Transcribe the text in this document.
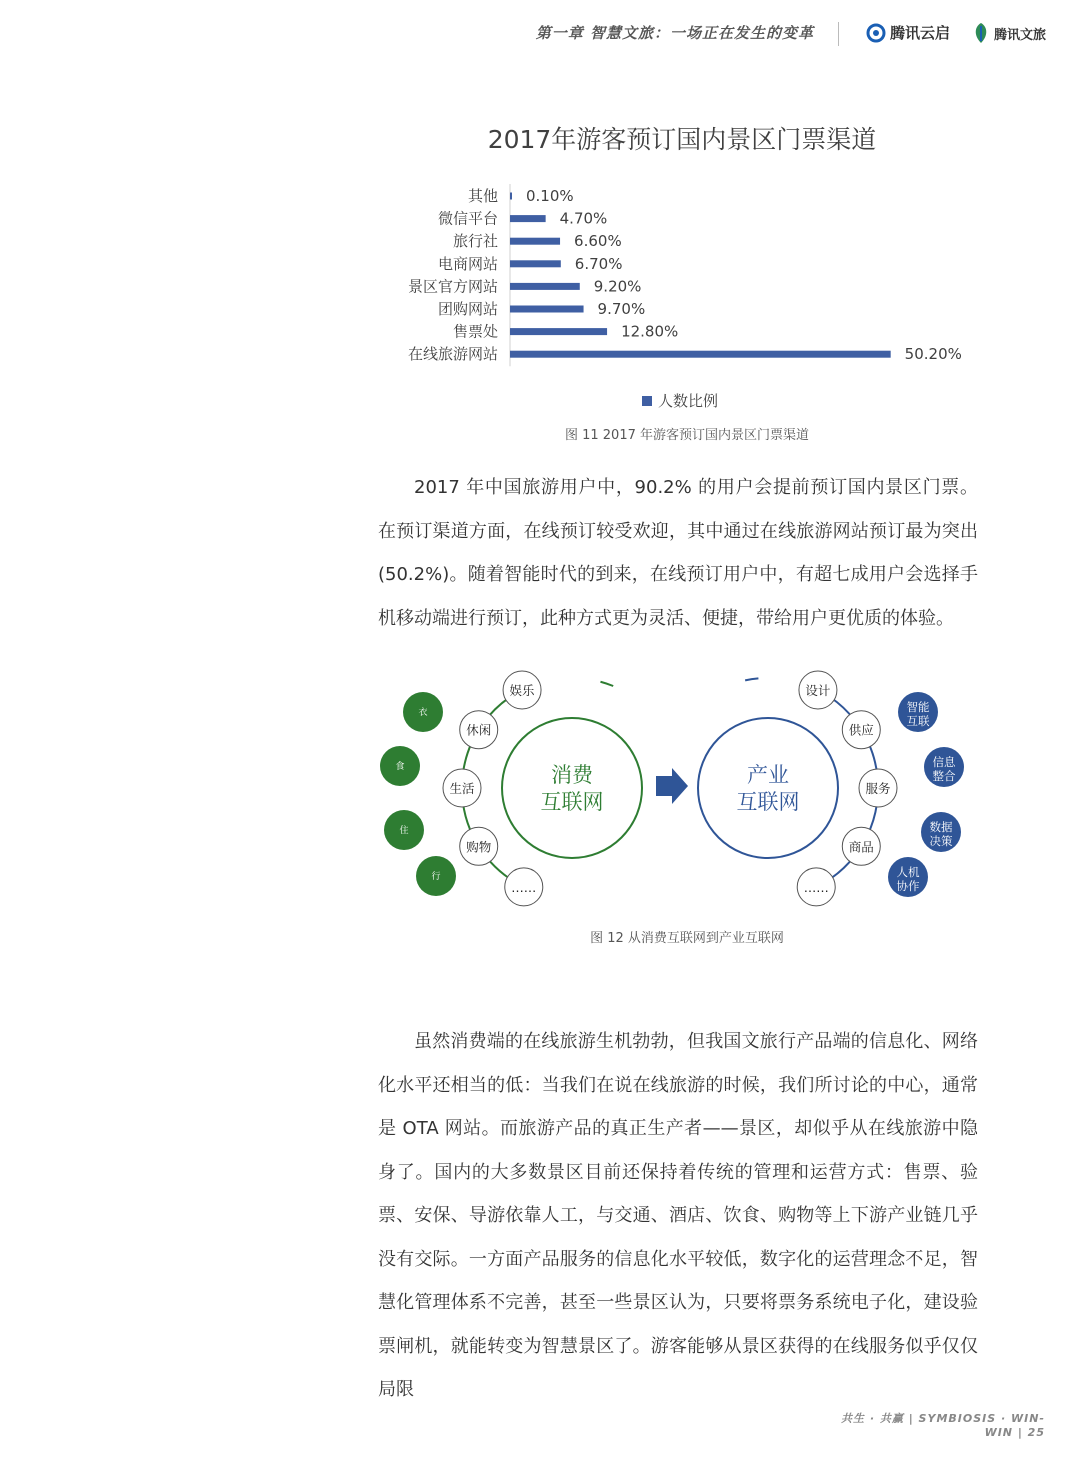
第一章 智慧文旅：一场正在发生的变革	腾讯云启	腾讯文旅
2017年游客预订国内景区门票渠道
其他 0.10%
微信平台	4.70%
旅行社	6.60%
电商网站	6.70%
景区官方网站	9.20%
团购网站	9.70%
售票处	12.80%
在线旅游网站	50.20%
人数比例
图 11 2017 年游客预订国内景区门票渠道

2017 年中国旅游用户中，90.2% 的用户会提前预订国内景区门票。在预订渠道方面，在线预订较受欢迎，其中通过在线旅游网站预订最为突出 (50.2%)。随着智能时代的到来，在线预订用户中，有超七成用户会选择手机移动端进行预订，此种方式更为灵活、便捷，带给用户更优质的体验。

消费
互联网
产业
互联网
娱乐
休闲
生活
购物
……
设计
供应
服务
商品
……
衣
食
住
行
智能
互联
信息
整合
数据
决策
人机
协作
图 12 从消费互联网到产业互联网

虽然消费端的在线旅游生机勃勃，但我国文旅行产品端的信息化、网络化水平还相当的低：当我们在说在线旅游的时候，我们所讨论的中心，通常是 OTA 网站。而旅游产品的真正生产者——景区，却似乎从在线旅游中隐身了。国内的大多数景区目前还保持着传统的管理和运营方式：售票、验票、安保、导游依靠人工，与交通、酒店、饮食、购物等上下游产业链几乎没有交际。一方面产品服务的信息化水平较低，数字化的运营理念不足，智慧化管理体系不完善，甚至一些景区认为，只要将票务系统电子化，建设验票闸机，就能转变为智慧景区了。游客能够从景区获得的在线服务似乎仅仅局限

共生 · 共赢 | SYMBIOSIS · WIN-WIN | 25
